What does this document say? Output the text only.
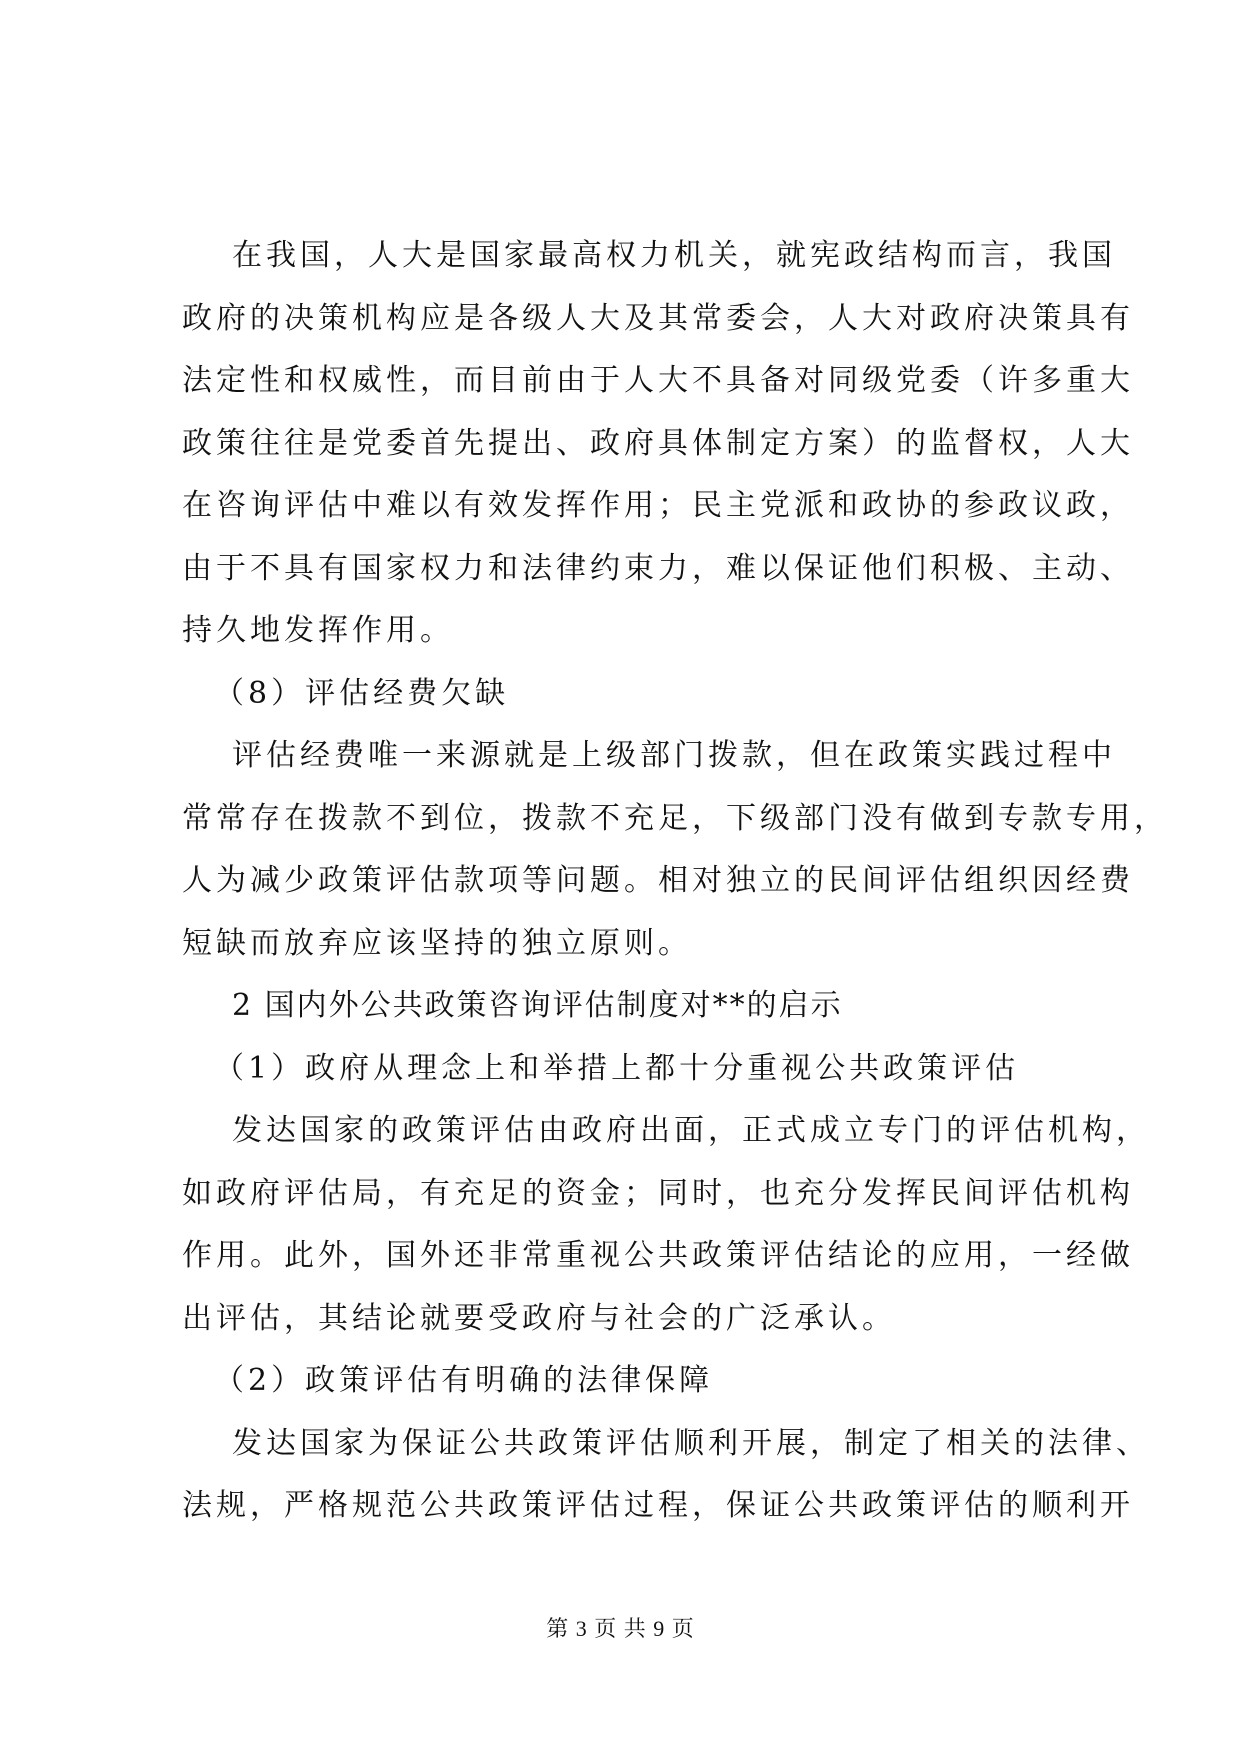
在我国，人大是国家最高权力机关，就宪政结构而言，我国
政府的决策机构应是各级人大及其常委会，人大对政府决策具有
法定性和权威性，而目前由于人大不具备对同级党委（许多重大
政策往往是党委首先提出、政府具体制定方案）的监督权，人大
在咨询评估中难以有效发挥作用；民主党派和政协的参政议政，
由于不具有国家权力和法律约束力，难以保证他们积极、主动、
持久地发挥作用。
（8）评估经费欠缺
评估经费唯一来源就是上级部门拨款，但在政策实践过程中
常常存在拨款不到位，拨款不充足，下级部门没有做到专款专用，
人为减少政策评估款项等问题。相对独立的民间评估组织因经费
短缺而放弃应该坚持的独立原则。
2 国内外公共政策咨询评估制度对**的启示
（1）政府从理念上和举措上都十分重视公共政策评估
发达国家的政策评估由政府出面，正式成立专门的评估机构，
如政府评估局，有充足的资金；同时，也充分发挥民间评估机构
作用。此外，国外还非常重视公共政策评估结论的应用，一经做
出评估，其结论就要受政府与社会的广泛承认。
（2）政策评估有明确的法律保障
发达国家为保证公共政策评估顺利开展，制定了相关的法律、
法规，严格规范公共政策评估过程，保证公共政策评估的顺利开
第 3 页 共 9 页
